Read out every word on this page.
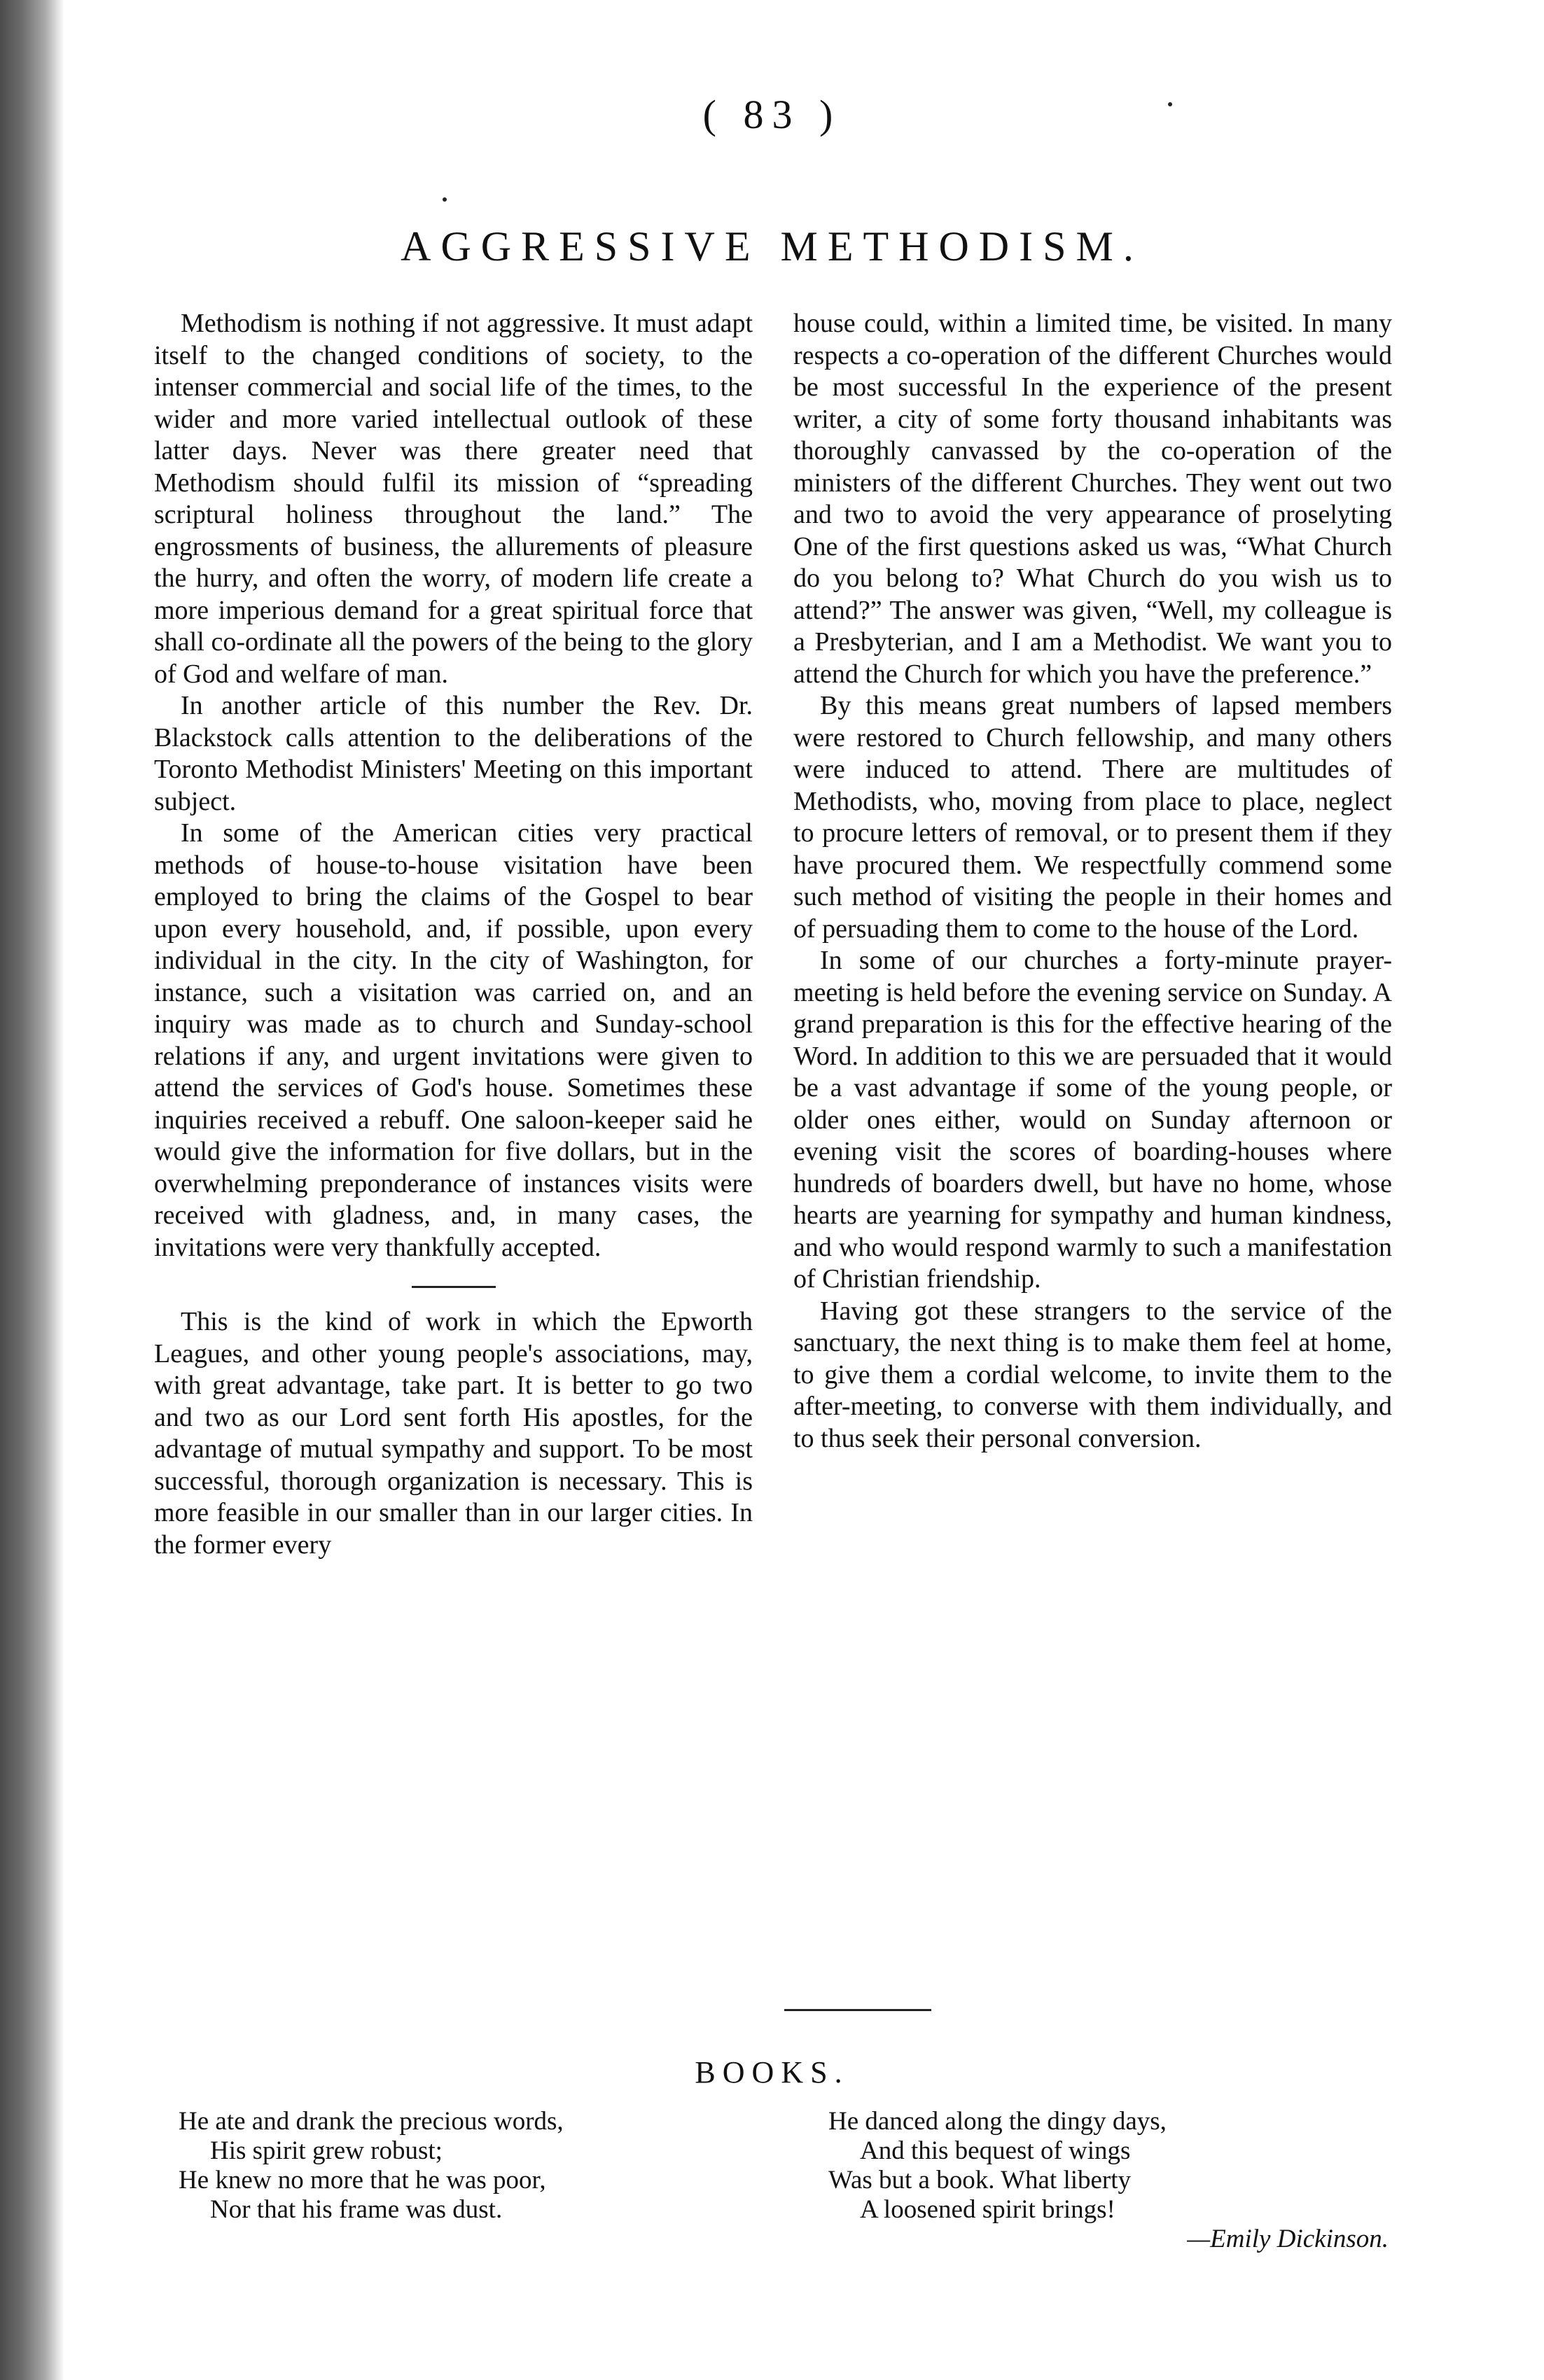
( 83 )
AGGRESSIVE METHODISM.

Methodism is nothing if not aggressive. It must adapt itself to the changed conditions of society, to the intenser commercial and social life of the times, to the wider and more varied intellectual outlook of these latter days. Never was there greater need that Methodism should fulfil its mission of “spreading scriptural holiness throughout the land.” The engrossments of business, the allurements of pleasure the hurry, and often the worry, of modern life create a more imperious demand for a great spiritual force that shall co-ordinate all the powers of the being to the glory of God and welfare of man.

In another article of this number the Rev. Dr. Blackstock calls attention to the deliberations of the Toronto Methodist Ministers' Meeting on this important subject.

In some of the American cities very practical methods of house-to-house visitation have been employed to bring the claims of the Gospel to bear upon every household, and, if possible, upon every individual in the city. In the city of Washington, for instance, such a visitation was carried on, and an inquiry was made as to church and Sunday-school relations if any, and urgent invitations were given to attend the services of God's house. Sometimes these inquiries received a rebuff. One saloon-keeper said he would give the information for five dollars, but in the overwhelming preponderance of instances visits were received with gladness, and, in many cases, the invitations were very thankfully accepted.

This is the kind of work in which the Epworth Leagues, and other young people's associations, may, with great advantage, take part. It is better to go two and two as our Lord sent forth His apostles, for the advantage of mutual sympathy and support. To be most successful, thorough organization is necessary. This is more feasible in our smaller than in our larger cities. In the former every

house could, within a limited time, be visited. In many respects a co-operation of the different Churches would be most successful In the experience of the present writer, a city of some forty thousand inhabitants was thoroughly canvassed by the co-operation of the ministers of the different Churches. They went out two and two to avoid the very appearance of proselyting One of the first questions asked us was, “What Church do you belong to? What Church do you wish us to attend?” The answer was given, “Well, my colleague is a Presbyterian, and I am a Methodist. We want you to attend the Church for which you have the preference.”

By this means great numbers of lapsed members were restored to Church fellowship, and many others were induced to attend. There are multitudes of Methodists, who, moving from place to place, neglect to procure letters of removal, or to present them if they have procured them. We respectfully commend some such method of visiting the people in their homes and of persuading them to come to the house of the Lord.

In some of our churches a forty-minute prayer-meeting is held before the evening service on Sunday. A grand preparation is this for the effective hearing of the Word. In addition to this we are persuaded that it would be a vast advantage if some of the young people, or older ones either, would on Sunday afternoon or evening visit the scores of boarding-houses where hundreds of boarders dwell, but have no home, whose hearts are yearning for sympathy and human kindness, and who would respond warmly to such a manifestation of Christian friendship.

Having got these strangers to the service of the sanctuary, the next thing is to make them feel at home, to give them a cordial welcome, to invite them to the after-meeting, to converse with them individually, and to thus seek their personal conversion.

BOOKS.
He ate and drank the precious words,
His spirit grew robust;
He knew no more that he was poor,
Nor that his frame was dust.
He danced along the dingy days,
And this bequest of wings
Was but a book. What liberty
A loosened spirit brings!
—Emily Dickinson.
